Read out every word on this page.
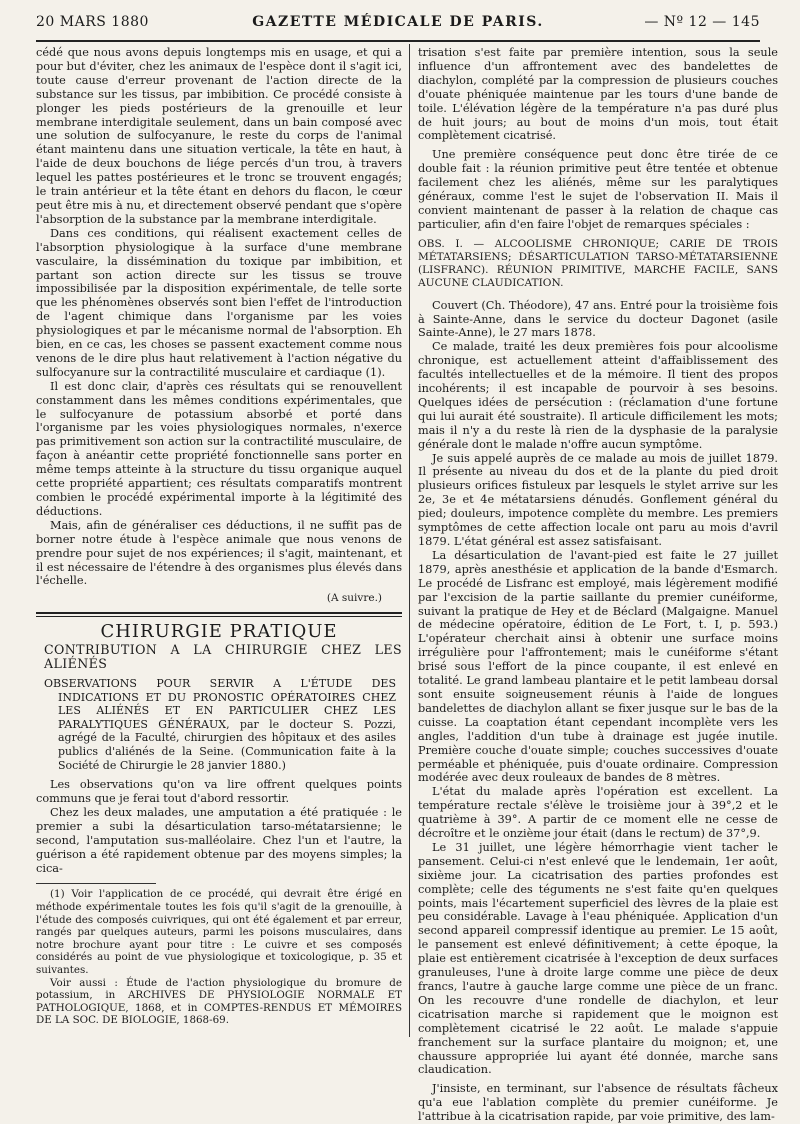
20 MARS 1880	GAZETTE MÉDICALE DE PARIS.	— Nº 12 — 145

cédé que nous avons depuis longtemps mis en usage, et qui a pour but d'éviter, chez les animaux de l'espèce dont il s'agit ici, toute cause d'erreur provenant de l'action directe de la substance sur les tissus, par imbibition. Ce procédé consiste à plonger les pieds postérieurs de la grenouille et leur membrane interdigitale seulement, dans un bain composé avec une solution de sulfocyanure, le reste du corps de l'animal étant maintenu dans une situation verticale, la tête en haut, à l'aide de deux bouchons de liége percés d'un trou, à travers lequel les pattes postérieures et le tronc se trouvent engagés; le train antérieur et la tête étant en dehors du flacon, le cœur peut être mis à nu, et directement observé pendant que s'opère l'absorption de la substance par la membrane interdigitale.

Dans ces conditions, qui réalisent exactement celles de l'absorption physiologique à la surface d'une membrane vasculaire, la dissémination du toxique par imbibition, et partant son action directe sur les tissus se trouve impossibilisée par la disposition expérimentale, de telle sorte que les phénomènes observés sont bien l'effet de l'introduction de l'agent chimique dans l'organisme par les voies physiologiques et par le mécanisme normal de l'absorption. Eh bien, en ce cas, les choses se passent exactement comme nous venons de le dire plus haut relativement à l'action négative du sulfocyanure sur la contractilité musculaire et cardiaque (1).

Il est donc clair, d'après ces résultats qui se renouvellent constamment dans les mêmes conditions expérimentales, que le sulfocyanure de potassium absorbé et porté dans l'organisme par les voies physiologiques normales, n'exerce pas primitivement son action sur la contractilité musculaire, de façon à anéantir cette propriété fonctionnelle sans porter en même temps atteinte à la structure du tissu organique auquel cette propriété appartient; ces résultats comparatifs montrent combien le procédé expérimental importe à la légitimité des déductions.

Mais, afin de généraliser ces déductions, il ne suffit pas de borner notre étude à l'espèce animale que nous venons de prendre pour sujet de nos expériences; il s'agit, maintenant, et il est nécessaire de l'étendre à des organismes plus élevés dans l'échelle.

(A suivre.)
CHIRURGIE PRATIQUE
CONTRIBUTION A LA CHIRURGIE CHEZ LES ALIÉNÉS
OBSERVATIONS POUR SERVIR A L'ÉTUDE DES INDICATIONS ET DU PRONOSTIC OPÉRATOIRES CHEZ LES ALIÉNÉS ET EN PARTICULIER CHEZ LES PARALYTIQUES GÉNÉRAUX, par le docteur S. Pozzi, agrégé de la Faculté, chirurgien des hôpitaux et des asiles publics d'aliénés de la Seine. (Communication faite à la Société de Chirurgie le 28 janvier 1880.)

Les observations qu'on va lire offrent quelques points communs que je ferai tout d'abord ressortir.

Chez les deux malades, une amputation a été pratiquée : le premier a subi la désarticulation tarso-métatarsienne; le second, l'amputation sus-malléolaire. Chez l'un et l'autre, la guérison a été rapidement obtenue par des moyens simples; la cica-

(1) Voir l'application de ce procédé, qui devrait être érigé en méthode expérimentale toutes les fois qu'il s'agit de la grenouille, à l'étude des composés cuivriques, qui ont été également et par erreur, rangés par quelques auteurs, parmi les poisons musculaires, dans notre brochure ayant pour titre : Le cuivre et ses composés considérés au point de vue physiologique et toxicologique, p. 35 et suivantes.

Voir aussi : Étude de l'action physiologique du bromure de potassium, in ARCHIVES DE PHYSIOLOGIE NORMALE ET PATHOLOGIQUE, 1868, et in COMPTES-RENDUS ET MÉMOIRES DE LA SOC. DE BIOLOGIE, 1868-69.

trisation s'est faite par première intention, sous la seule influence d'un affrontement avec des bandelettes de diachylon, complété par la compression de plusieurs couches d'ouate phéniquée maintenue par les tours d'une bande de toile. L'élévation légère de la température n'a pas duré plus de huit jours; au bout de moins d'un mois, tout était complètement cicatrisé.

Une première conséquence peut donc être tirée de ce double fait : la réunion primitive peut être tentée et obtenue facilement chez les aliénés, même sur les paralytiques généraux, comme l'est le sujet de l'observation II. Mais il convient maintenant de passer à la relation de chaque cas particulier, afin d'en faire l'objet de remarques spéciales :

OBS. I. — ALCOOLISME CHRONIQUE; CARIE DE TROIS MÉTATARSIENS; DÉSARTICULATION TARSO-MÉTATARSIENNE (LISFRANC). RÉUNION PRIMITIVE, MARCHE FACILE, SANS AUCUNE CLAUDICATION.

Couvert (Ch. Théodore), 47 ans. Entré pour la troisième fois à Sainte-Anne, dans le service du docteur Dagonet (asile Sainte-Anne), le 27 mars 1878.

Ce malade, traité les deux premières fois pour alcoolisme chronique, est actuellement atteint d'affaiblissement des facultés intellectuelles et de la mémoire. Il tient des propos incohérents; il est incapable de pourvoir à ses besoins. Quelques idées de persécution : (réclamation d'une fortune qui lui aurait été soustraite). Il articule difficilement les mots; mais il n'y a du reste là rien de la dysphasie de la paralysie générale dont le malade n'offre aucun symptôme.

Je suis appelé auprès de ce malade au mois de juillet 1879. Il présente au niveau du dos et de la plante du pied droit plusieurs orifices fistuleux par lesquels le stylet arrive sur les 2e, 3e et 4e métatarsiens dénudés. Gonflement général du pied; douleurs, impotence complète du membre. Les premiers symptômes de cette affection locale ont paru au mois d'avril 1879. L'état général est assez satisfaisant.

La désarticulation de l'avant-pied est faite le 27 juillet 1879, après anesthésie et application de la bande d'Esmarch. Le procédé de Lisfranc est employé, mais légèrement modifié par l'excision de la partie saillante du premier cunéiforme, suivant la pratique de Hey et de Béclard (Malgaigne. Manuel de médecine opératoire, édition de Le Fort, t. I, p. 593.) L'opérateur cherchait ainsi à obtenir une surface moins irrégulière pour l'affrontement; mais le cunéiforme s'étant brisé sous l'effort de la pince coupante, il est enlevé en totalité. Le grand lambeau plantaire et le petit lambeau dorsal sont ensuite soigneusement réunis à l'aide de longues bandelettes de diachylon allant se fixer jusque sur le bas de la cuisse. La coaptation étant cependant incomplète vers les angles, l'addition d'un tube à drainage est jugée inutile. Première couche d'ouate simple; couches successives d'ouate perméable et phéniquée, puis d'ouate ordinaire. Compression modérée avec deux rouleaux de bandes de 8 mètres.

L'état du malade après l'opération est excellent. La température rectale s'élève le troisième jour à 39°,2 et le quatrième à 39°. A partir de ce moment elle ne cesse de décroître et le onzième jour était (dans le rectum) de 37°,9.

Le 31 juillet, une légère hémorrhagie vient tacher le pansement. Celui-ci n'est enlevé que le lendemain, 1er août, sixième jour. La cicatrisation des parties profondes est complète; celle des téguments ne s'est faite qu'en quelques points, mais l'écartement superficiel des lèvres de la plaie est peu considérable. Lavage à l'eau phéniquée. Application d'un second appareil compressif identique au premier. Le 15 août, le pansement est enlevé définitivement; à cette époque, la plaie est entièrement cicatrisée à l'exception de deux surfaces granuleuses, l'une à droite large comme une pièce de deux francs, l'autre à gauche large comme une pièce de un franc. On les recouvre d'une rondelle de diachylon, et leur cicatrisation marche si rapidement que le moignon est complètement cicatrisé le 22 août. Le malade s'appuie franchement sur la surface plantaire du moignon; et, une chaussure appropriée lui ayant été donnée, marche sans claudication.

J'insiste, en terminant, sur l'absence de résultats fâcheux qu'a eue l'ablation complète du premier cunéiforme. Je l'attribue à la cicatrisation rapide, par voie primitive, des lam-
